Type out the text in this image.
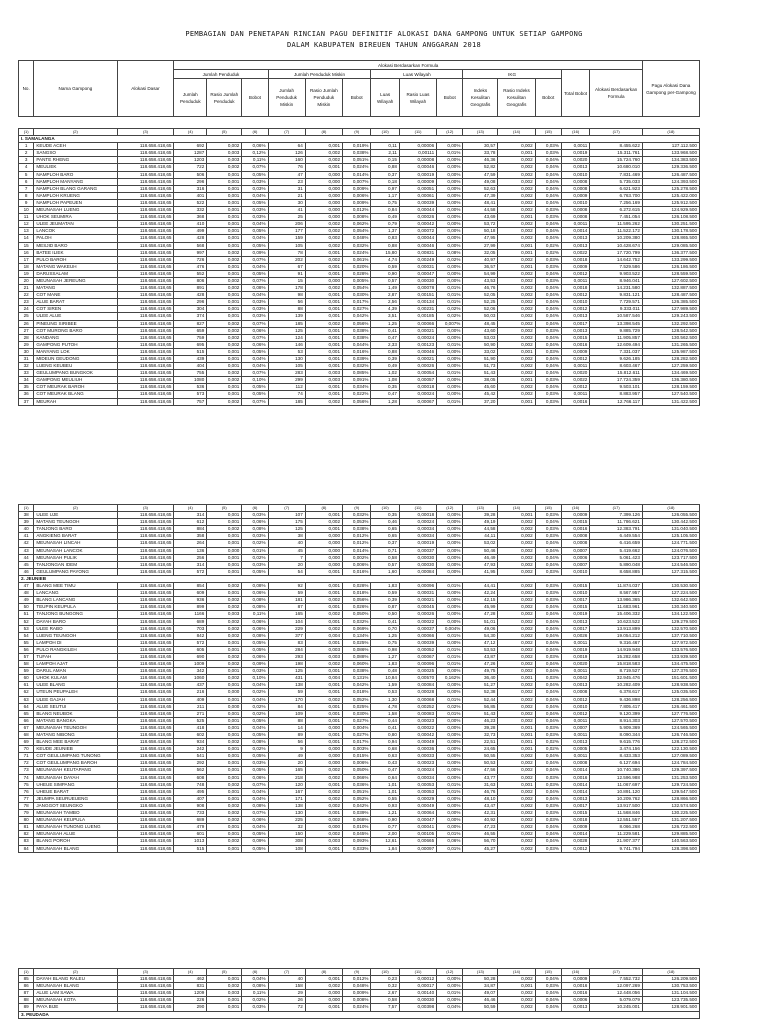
PEMBAGIAN DAN PENETAPAN RINCIAN PAGU DEFINITIF ALOKASI DANA GAMPONG UNTUK SETIAP GAMPONG
DALAM KABUPATEN BIREUEN TAHUN ANGGARAN 2018
No.	Nama Gampong	Alokasi Dasar	Alokasi Berdasarkan Formula														Pagu Alokasi Dana Gampong per-Gampong
			Jumlah Penduduk			Jumlah Penduduk Miskin			Luas Wilayah			IKG			Total Bobot	Alokasi Berdasarkan Formula	
			Jumlah Penduduk	Rasio Jumlah Penduduk	Bobot	Jumlah Penduduk Miskin	Rasio Jumlah Penduduk Miskin	Bobot	Luas Wilayah	Rasio Luas Wilayah	Bobot	Indeks Kesulitan Geografis	Rasio Indeks Kesulitan Geografis	Bobot			
(1)	(2)	(3)	(4)	(5)	(6)	(7)	(8)	(9)	(10)	(11)	(12)	(13)	(14)	(15)	(16)	(17)	(18)
I. SAMALANGA																	
1	KEUDE ACEH	118.658.418,65	692	0,002	0,06%	64	0,001	0,019%	0,11	0,00006	0,00%	30,57	0,002	0,03%	0,0011	8.455.622	127.112.500
2	SANGSO	118.658.418,65	1287	0,003	0,12%	126	0,002	0,038%	2,11	0,00111	0,01%	33,78	0,001	0,03%	0,0019	15.311.761	133.968.500
3	PANTE RHENG	118.658.418,65	1203	0,003	0,11%	160	0,002	0,051%	0,15	0,00008	0,00%	46,36	0,002	0,04%	0,0020	15.724.760	134.383.500
4	MEULIEK	118.658.418,65	722	0,002	0,07%	76	0,001	0,024%	0,88	0,00046	0,00%	52,82	0,002	0,04%	0,0013	10.680.010	129.336.500
5	NAMPLOH BARO	118.658.418,65	506	0,001	0,05%	47	0,000	0,014%	0,37	0,00019	0,00%	47,59	0,002	0,04%	0,0010	7.831.469	126.487.500
6	NAMPLOH MANYANG	118.658.418,65	296	0,001	0,03%	23	0,000	0,007%	0,18	0,00009	0,00%	49,08	0,002	0,04%	0,0008	5.735.033	124.393.500
7	NAMPLOH BLANG GARANG	118.658.418,65	316	0,001	0,03%	31	0,000	0,009%	0,97	0,00051	0,00%	52,63	0,002	0,04%	0,0008	6.621.923	125.278.500
8	NAMPLOH KRUENG	118.658.418,65	401	0,001	0,04%	21	0,000	0,006%	1,17	0,00061	0,00%	47,39	0,002	0,04%	0,0009	6.763.700	125.422.000
9	NAMPLOH PAPEUEN	118.658.418,65	522	0,001	0,05%	30	0,000	0,009%	0,75	0,00039	0,00%	48,41	0,002	0,04%	0,0010	7.256.169	125.912.500
10	MEUNASAH LUENG	118.658.418,65	332	0,001	0,03%	41	0,000	0,012%	0,84	0,00044	0,00%	44,58	0,002	0,03%	0,0008	6.272.615	124.929.500
11	UHOK SEUMIRA	118.658.418,65	368	0,001	0,03%	25	0,000	0,008%	0,49	0,00026	0,00%	43,69	0,001	0,03%	0,0008	7.451.054	126.108.500
12	ULEE JEUMATAN	118.658.418,65	410	0,001	0,04%	206	0,002	0,062%	0,79	0,00042	0,00%	53,72	0,002	0,04%	0,0011	11.595.262	130.251.500
13	LANCOK	118.658.418,65	499	0,001	0,05%	177	0,002	0,054%	1,37	0,00072	0,00%	50,18	0,002	0,04%	0,0014	11.522.172	130.178.500
14	PALOH	118.658.418,65	428	0,001	0,04%	159	0,002	0,048%	0,83	0,00044	0,00%	47,95	0,002	0,04%	0,0013	10.209.380	128.865.500
15	MESJID BARO	118.658.418,65	568	0,001	0,05%	105	0,002	0,032%	0,88	0,00046	0,00%	27,99	0,001	0,02%	0,0013	10.428.674	129.085.500
16	BATEE ILIEK	118.658.418,65	997	0,002	0,09%	78	0,001	0,024%	15,80	0,00831	0,08%	32,05	0,001	0,02%	0,0022	17.720.799	136.377.500
17	PULO BAROH	118.658.418,65	726	0,002	0,07%	202	0,002	0,061%	4,74	0,00249	0,02%	40,97	0,002	0,03%	0,0018	14.642.752	133.299.500
18	MATANG WAKEUH	118.658.418,65	476	0,001	0,04%	67	0,001	0,020%	0,59	0,00031	0,00%	36,57	0,001	0,03%	0,0009	7.529.586	126.186.500
19	DARUSSALAM	118.658.418,65	552	0,001	0,05%	91	0,001	0,028%	0,90	0,00047	0,00%	54,99	0,002	0,04%	0,0012	9.903.522	128.559.500
20	MEUNASAH JEREUNG	118.658.418,65	806	0,002	0,07%	15	0,000	0,005%	0,57	0,00030	0,00%	43,53	0,002	0,03%	0,0011	8.946.041	127.602.500
21	MATANG	118.658.418,65	891	0,002	0,08%	178	0,002	0,054%	1,49	0,00078	0,01%	46,76	0,002	0,04%	0,0018	14.231.580	132.887.500
22	COT MANE	118.658.418,65	428	0,001	0,04%	98	0,001	0,030%	2,87	0,00151	0,01%	52,05	0,002	0,04%	0,0012	9.831.121	128.487.500
23	ALUE BARAT	118.658.418,65	296	0,001	0,03%	56	0,001	0,017%	2,56	0,00134	0,01%	52,25	0,002	0,04%	0,0010	7.729.571	126.385.500
24	COT SIREN	118.658.418,65	304	0,001	0,03%	88	0,001	0,027%	4,39	0,00231	0,02%	52,06	0,002	0,04%	0,0012	9.333.011	127.989.500
25	ULEE ALUE	118.658.418,65	374	0,001	0,03%	139	0,001	0,042%	3,51	0,00185	0,02%	50,03	0,002	0,04%	0,0013	10.587.546	129.243.500
26	PINEUNG SIRIBEE	118.658.418,65	827	0,002	0,07%	185	0,002	0,056%	1,25	0,00066	0,007%	48,45	0,002	0,04%	0,0017	13.398.545	132.292.500
27	COT MURONG BARO	118.658.418,65	659	0,002	0,06%	125	0,001	0,038%	0,41	0,00021	0,00%	43,60	0,002	0,03%	0,0013	9.885.729	128.542.500
28	KANDANG	118.658.418,65	759	0,002	0,07%	124	0,001	0,038%	0,47	0,00024	0,00%	53,03	0,002	0,04%	0,0015	11.905.857	130.562.500
29	GAMPONG PUTOH	118.658.418,65	695	0,002	0,06%	146	0,001	0,044%	2,33	0,00123	0,01%	50,90	0,002	0,04%	0,0016	12.609.494	131.265.500
30	MANYANG LOK	118.658.418,65	515	0,001	0,05%	53	0,001	0,016%	0,88	0,00046	0,00%	33,02	0,001	0,03%	0,0009	7.331.037	125.987.500
31	MIDEUN GEUDONG	118.658.418,65	439	0,001	0,04%	130	0,001	0,039%	0,39	0,00021	0,00%	51,90	0,002	0,04%	0,0012	9.626.185	128.282.500
32	LUENG KEUBEU	118.658.418,65	404	0,001	0,04%	105	0,001	0,032%	0,49	0,00026	0,00%	51,73	0,002	0,04%	0,0011	8.603.467	127.259.500
33	GEULUMPANG BUNGKOK	118.658.418,65	755	0,002	0,07%	283	0,003	0,085%	1,02	0,00054	0,01%	51,43	0,002	0,04%	0,0020	15.812.611	134.469.500
34	GAMPONG MEULIUH	118.658.418,65	1080	0,002	0,10%	299	0,003	0,091%	1,08	0,00057	0,00%	38,05	0,001	0,03%	0,0022	17.724.359	136.380.500
35	COT MEURAK BAROH	118.658.418,65	536	0,001	0,05%	112	0,001	0,034%	0,35	0,00018	0,00%	45,60	0,002	0,04%	0,0012	9.503.101	128.159.500
36	COT MEURAK BLANG	118.658.418,65	573	0,001	0,05%	74	0,001	0,022%	0,47	0,00024	0,00%	45,42	0,002	0,03%	0,0011	8.883.957	127.540.500
37	MEURAH	118.658.418,65	757	0,002	0,07%	185	0,002	0,056%	1,28	0,00067	0,01%	37,20	0,001	0,03%	0,0016	12.766.117	131.422.500
(1)	(2)	(3)	(4)	(5)	(6)	(7)	(8)	(9)	(10)	(11)	(12)	(13)	(14)	(15)	(16)	(17)	(18)
38	ULEE UJE	118.658.418,65	314	0,001	0,03%	107	0,001	0,032%	0,35	0,00018	0,00%	39,28	0,001	0,03%	0,0009	7.399.126	126.055.500
39	MATANG TEUNGOH	118.658.418,65	612	0,001	0,06%	175	0,002	0,053%	0,46	0,00024	0,00%	49,19	0,002	0,04%	0,0015	11.786.621	130.442.500
40	TANJONG BARO	118.658.418,65	884	0,002	0,08%	125	0,001	0,038%	0,65	0,00034	0,00%	44,58	0,002	0,03%	0,0016	12.383.791	131.040.500
41	ANGKIENG BARAT	118.658.418,65	358	0,001	0,03%	38	0,000	0,012%	0,65	0,00034	0,00%	44,11	0,002	0,03%	0,0008	6.449.554	125.105.500
42	MEUNASAH LINCAH	118.658.418,65	264	0,001	0,02%	40	0,000	0,012%	0,37	0,00019	0,00%	53,02	0,002	0,04%	0,0008	6.416.659	124.771.500
43	MEUNASAH LANCOK	118.658.418,65	136	0,000	0,01%	45	0,000	0,014%	0,71	0,00037	0,00%	50,46	0,002	0,04%	0,0007	5.419.662	124.076.500
44	MEUNASAH PULIK	118.658.418,65	256	0,001	0,02%	7	0,000	0,002%	0,58	0,00030	0,00%	46,49	0,002	0,04%	0,0006	5.061.423	123.717.500
45	TANJONGAN IDEM	118.658.418,65	314	0,001	0,03%	20	0,000	0,006%	0,57	0,00030	0,00%	47,93	0,002	0,04%	0,0007	5.890.048	124.546.500
46	GEULUMPANG PAYONG	118.658.418,65	572	0,001	0,05%	54	0,001	0,016%	1,60	0,00084	0,00%	41,95	0,002	0,03%	0,0010	8.658.885	127.315.500
2. JEUNIEB																	
47	BLANG MEE TIMU	118.658.418,65	854	0,002	0,08%	92	0,001	0,028%	1,83	0,00096	0,01%	44,41	0,002	0,03%	0,0015	11.874.037	130.530.500
48	LANCANG	118.658.418,65	609	0,001	0,06%	59	0,001	0,018%	0,59	0,00031	0,00%	42,24	0,002	0,03%	0,0010	8.567.957	127.224.500
49	BLANG LANCANG	118.658.418,65	936	0,002	0,08%	181	0,002	0,056%	0,39	0,00021	0,00%	42,15	0,002	0,03%	0,0017	13.986.365	132.642.500
50	TEUPIN KEUPULA	118.658.418,65	899	0,002	0,08%	87	0,001	0,026%	0,87	0,00045	0,00%	45,99	0,002	0,04%	0,0015	11.683.961	130.340.500
51	TANJONG BUNGONG	118.658.418,65	1166	0,003	0,11%	165	0,002	0,050%	0,50	0,00026	0,00%	47,28	0,002	0,04%	0,0019	15.406.332	134.122.500
52	DAYAH BARO	118.658.418,65	689	0,002	0,06%	104	0,001	0,032%	0,41	0,00022	0,00%	51,01	0,002	0,04%	0,0013	10.623.522	129.279.500
53	ULEE RABO	118.658.418,65	703	0,002	0,06%	229	0,002	0,069%	0,70	0,00037	0,004%	49,06	0,002	0,04%	0,0017	13.913.899	132.570.500
54	LUENG TEUNGOH	118.658.418,65	842	0,002	0,08%	377	0,004	0,134%	1,25	0,00066	0,01%	54,30	0,002	0,04%	0,0026	19.054.212	137.710.500
55	LAMPOH DI	118.658.418,65	572	0,001	0,05%	83	0,001	0,025%	0,75	0,00039	0,00%	47,12	0,002	0,04%	0,0011	9.316.467	127.972.500
56	PULO RANGKILEH	118.658.418,65	605	0,001	0,05%	284	0,003	0,086%	0,98	0,00052	0,01%	53,53	0,002	0,04%	0,0019	14.919.948	133.576.500
57	TUFAH	118.658.418,65	690	0,002	0,06%	293	0,003	0,088%	1,27	0,00067	0,01%	43,87	0,002	0,03%	0,0019	15.282.658	133.939.500
58	LAMPOH AJAT	118.658.418,65	1009	0,002	0,09%	198	0,002	0,060%	1,83	0,00096	0,01%	47,26	0,002	0,04%	0,0020	15.818.583	134.475.500
59	DARUL AMAN	118.658.418,65	342	0,001	0,03%	125	0,001	0,038%	0,48	0,00025	0,00%	49,75	0,002	0,04%	0,0011	8.719.527	127.376.500
60	UHOK KULAM	118.658.418,65	1060	0,002	0,10%	431	0,004	0,131%	10,84	0,00570	0,162%	36,40	0,001	0,03%	0,0042	32.945.476	151.601.500
61	ULEE BLANG	118.658.418,65	437	0,001	0,04%	138	0,001	0,042%	1,59	0,00084	0,00%	51,27	0,002	0,04%	0,0013	10.282.409	128.938.500
62	UTEUN PEUPALEH	118.658.418,65	216	0,000	0,02%	59	0,001	0,018%	0,53	0,00028	0,00%	52,38	0,002	0,04%	0,0008	6.378.617	125.035.500
63	ULEE GAJAH	118.658.418,65	409	0,001	0,04%	170	0,002	0,052%	1,30	0,00068	0,01%	52,44	0,002	0,04%	0,0012	9.436.898	128.256.500
64	ALUE SEUTUI	118.658.418,65	211	0,000	0,02%	84	0,001	0,025%	4,78	0,00252	0,02%	56,85	0,002	0,04%	0,0010	7.805.417	126.461.500
65	BLANG NEUBOK	118.658.418,65	271	0,001	0,02%	109	0,001	0,030%	1,58	0,00083	0,01%	51,43	0,002	0,04%	0,0012	9.120.399	127.776.500
66	MATANG BANGKA	118.658.418,65	525	0,001	0,05%	88	0,001	0,027%	0,44	0,00023	0,00%	46,23	0,002	0,04%	0,0011	8.914.303	127.570.500
67	MEUNASAH TEUNGOH	118.658.418,65	418	0,001	0,04%	14	0,000	0,004%	0,41	0,00022	0,00%	39,28	0,001	0,03%	0,0007	5.909.369	124.565.500
68	MATANG NIBONG	118.658.418,65	602	0,001	0,05%	89	0,001	0,027%	0,80	0,00042	0,00%	32,73	0,001	0,03%	0,0011	8.090.344	126.746.500
69	BLANG MEE BARAT	118.658.418,65	934	0,002	0,08%	56	0,001	0,017%	0,94	0,00049	0,00%	22,51	0,001	0,02%	0,0013	9.615.776	128.272.500
70	KEUDE JEUNIEB	118.658.418,65	242	0,001	0,02%	9	0,000	0,003%	0,68	0,00036	0,00%	24,65	0,001	0,02%	0,0005	3.474.156	122.130.500
71	COT GEULUMPANG TUNONG	118.658.418,65	541	0,001	0,05%	49	0,000	0,015%	0,63	0,00033	0,00%	50,55	0,002	0,04%	0,0011	8.433.353	127.089.500
72	COT GEULUMPANG BAROH	118.658.418,65	292	0,001	0,03%	20	0,000	0,006%	0,43	0,00023	0,00%	50,53	0,002	0,04%	0,0008	6.127.694	124.784.500
73	MEUNASAH KEUTAPANG	118.658.418,65	562	0,001	0,05%	165	0,002	0,050%	0,47	0,00024	0,00%	47,56	0,002	0,04%	0,0014	10.740.386	129.397.500
74	MEUNASAH DAYAH	118.658.418,65	608	0,001	0,06%	218	0,002	0,066%	0,64	0,00034	0,00%	43,77	0,002	0,03%	0,0016	12.596.988	131.253.500
75	UHEUE SIMPANG	118.658.418,65	748	0,002	0,07%	120	0,001	0,036%	1,01	0,00053	0,01%	31,63	0,001	0,03%	0,0014	11.067.697	129.724.500
76	UHEUE BARAT	118.658.418,65	495	0,001	0,04%	167	0,002	0,051%	1,01	0,00053	0,01%	46,76	0,002	0,04%	0,0014	10.891.120	129.547.500
77	JEUMPA SEURUEUENG	118.658.418,65	407	0,001	0,04%	171	0,002	0,052%	0,55	0,00029	0,00%	48,10	0,002	0,04%	0,0013	10.209.762	128.866.500
78	JANGGOT SEUNGKO	118.658.418,65	908	0,002	0,08%	138	0,002	0,042%	0,93	0,00049	0,00%	43,47	0,002	0,03%	0,0017	13.917.500	132.574.500
79	MEUNASAH TAMBO	118.658.418,65	733	0,002	0,07%	130	0,001	0,039%	1,21	0,00064	0,00%	42,31	0,002	0,03%	0,0015	11.568.846	130.225.500
80	MEUNASAH KEUPULA	118.658.418,65	689	0,002	0,06%	225	0,002	0,068%	0,90	0,00047	0,00%	40,92	0,002	0,03%	0,0018	12.551.557	131.207.500
81	MEUNASAH TUNONG LUENG	118.658.418,65	479	0,001	0,04%	32	0,000	0,010%	0,77	0,00041	0,00%	47,23	0,002	0,04%	0,0009	8.066.268	126.722.500
82	MEUNASAH ALUE	118.658.418,65	601	0,001	0,05%	150	0,002	0,045%	2,00	0,00105	0,01%	46,55	0,002	0,04%	0,0014	11.229.581	129.885.500
83	BLANG POROH	118.658.418,65	1013	0,002	0,09%	308	0,003	0,093%	12,61	0,00665	0,06%	56,70	0,002	0,04%	0,0028	21.907.377	140.563.500
84	MEUNASAH BLANG	118.658.418,65	515	0,001	0,05%	108	0,001	0,033%	1,84	0,00097	0,01%	45,27	0,002	0,03%	0,0012	9.741.794	128.398.500
(1)	(2)	(3)	(4)	(5)	(6)	(7)	(8)	(9)	(10)	(11)	(12)	(13)	(14)	(15)	(16)	(17)	(18)
85	DAYAH BLANG RALEU	118.658.418,65	462	0,001	0,04%	40	0,001	0,012%	0,23	0,00012	0,00%	50,28	0,002	0,04%	0,0009	7.552.732	126.209.500
86	MEUNASAH BLANG	118.658.418,65	831	0,002	0,08%	158	0,002	0,048%	0,32	0,00017	0,00%	34,87	0,001	0,03%	0,0016	12.097.269	130.753.500
87	ALUE LAM SAWA	118.658.418,65	1209	0,003	0,11%	29	0,000	0,009%	2,67	0,00140	0,01%	49,07	0,002	0,04%	0,0016	12.448.056	131.104.500
88	MEUNASAH KOTA	118.658.418,65	226	0,001	0,02%	26	0,000	0,008%	0,58	0,00030	0,00%	46,46	0,002	0,04%	0,0006	5.079.079	123.735.500
89	PAYA BIJE	118.658.418,65	290	0,001	0,03%	72	0,001	0,024%	7,57	0,00398	0,04%	50,59	0,002	0,04%	0,0013	10.245.001	128.901.500
3. PEUDADA																	
